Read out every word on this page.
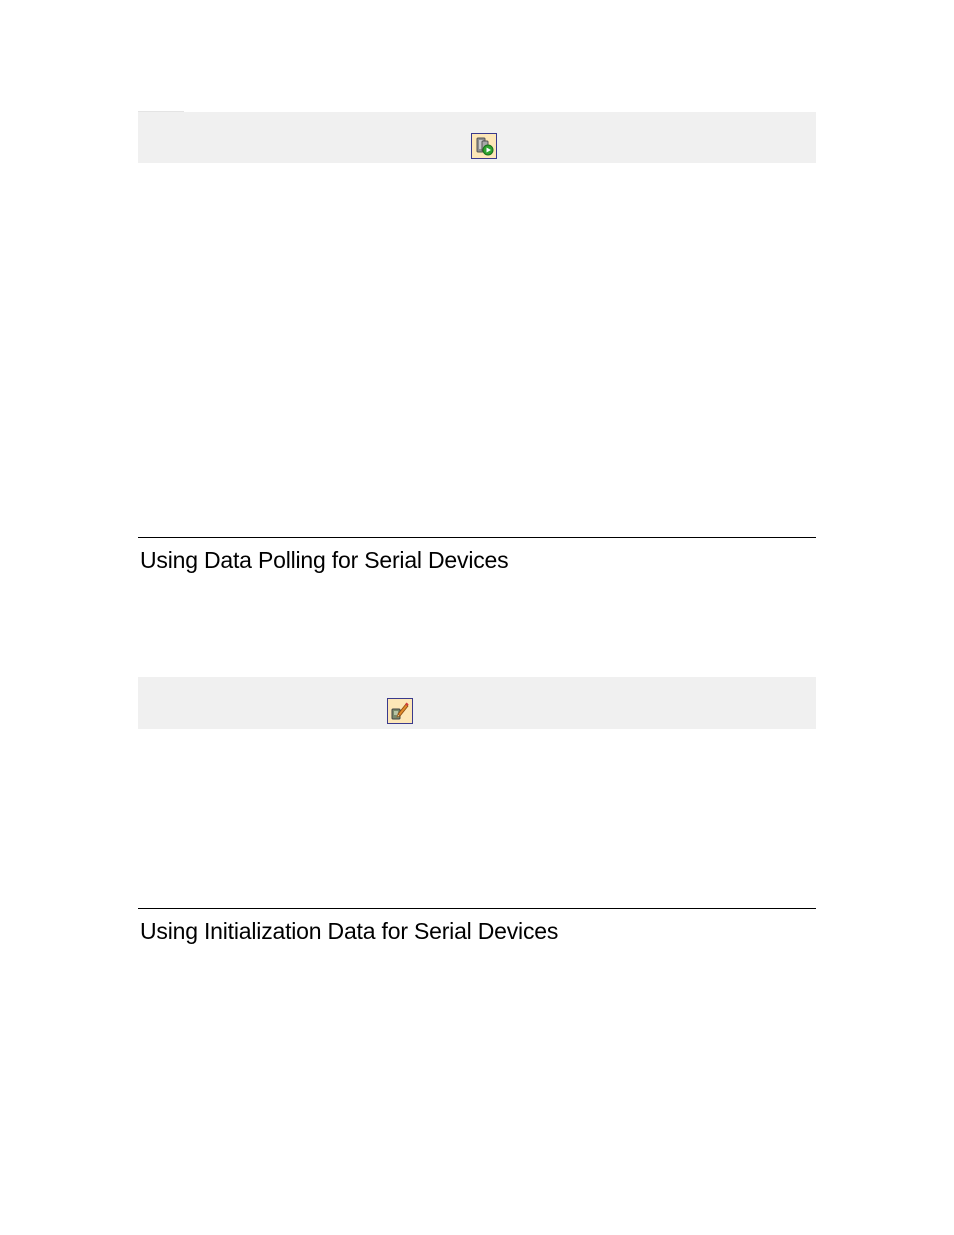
Using Data Polling for Serial Devices
Using Initialization Data for Serial Devices
